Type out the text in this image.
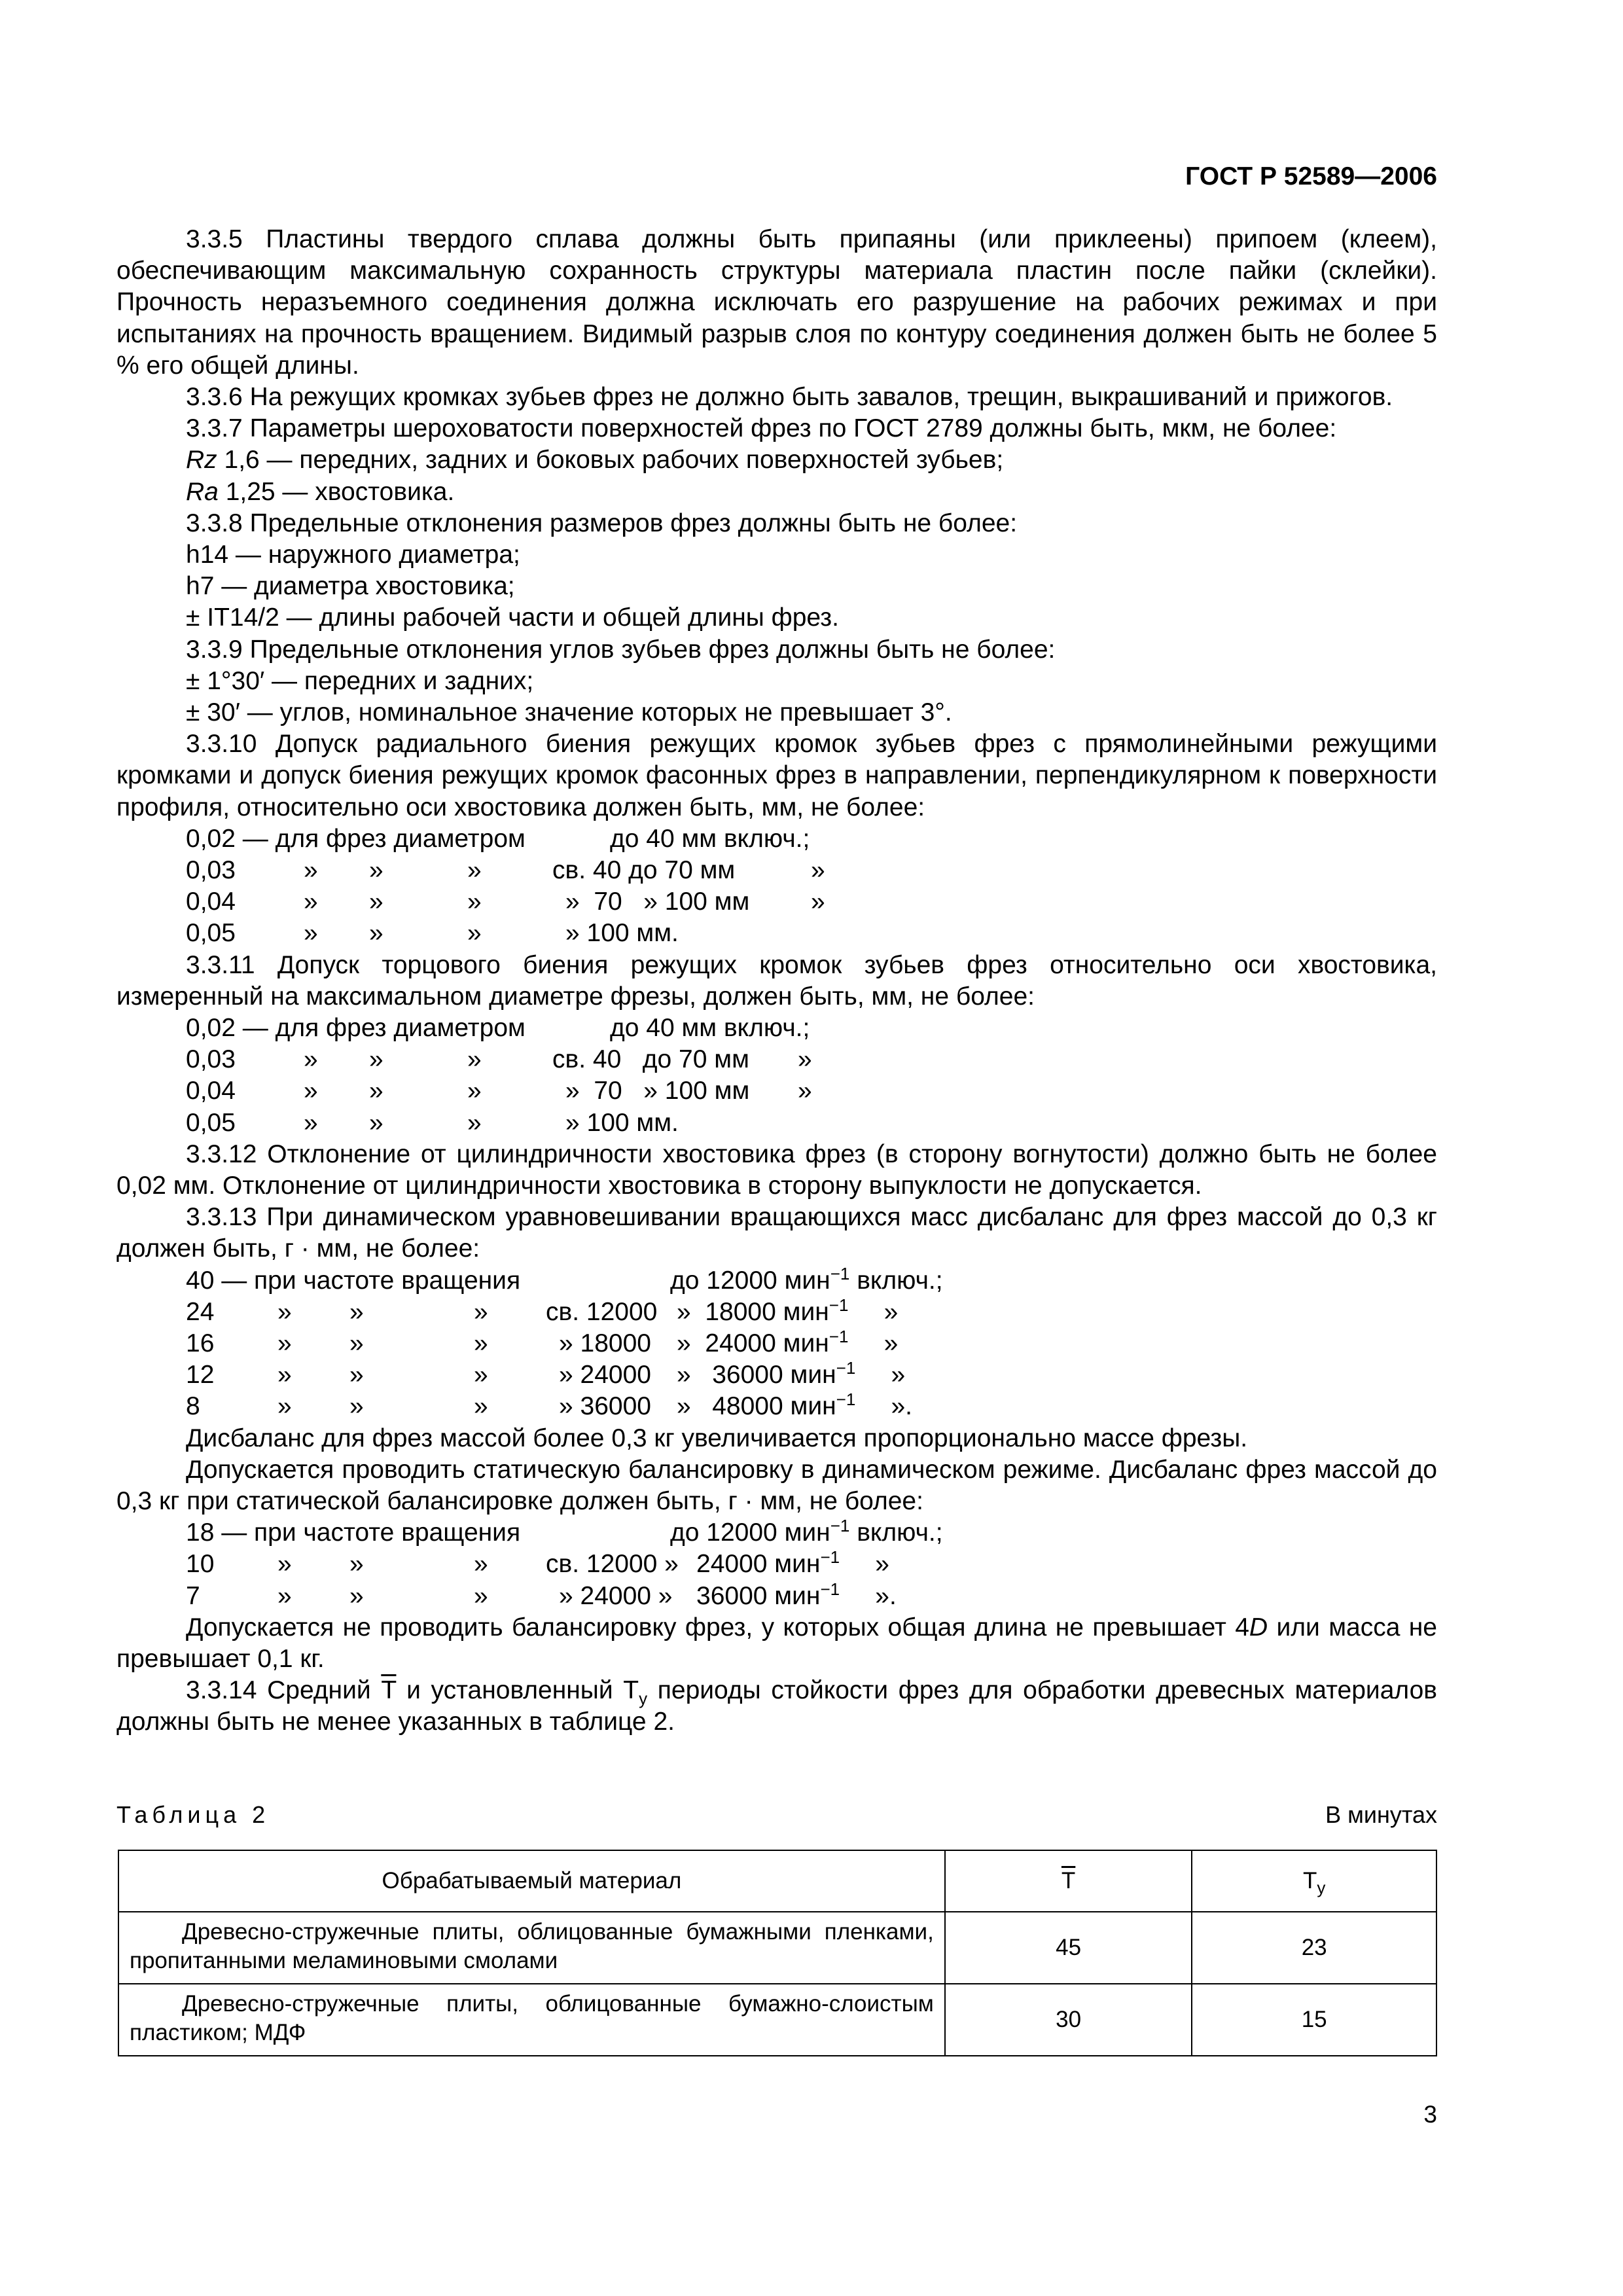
ГОСТ Р 52589—2006

3.3.5 Пластины твердого сплава должны быть припаяны (или приклеены) припоем (клеем), обеспечивающим максимальную сохранность структуры материала пластин после пайки (склейки). Прочность неразъемного соединения должна исключать его разрушение на рабочих режимах и при испытаниях на прочность вращением. Видимый разрыв слоя по контуру соединения должен быть не более 5 % его общей длины.

3.3.6 На режущих кромках зубьев фрез не должно быть завалов, трещин, выкрашиваний и прижогов.

3.3.7 Параметры шероховатости поверхностей фрез по ГОСТ 2789 должны быть, мкм, не более:

Rz 1,6 — передних, задних и боковых рабочих поверхностей зубьев;

Ra 1,25 — хвостовика.

3.3.8 Предельные отклонения размеров фрез должны быть не более:

h14 — наружного диаметра;

h7 — диаметра хвостовика;

± IT14/2 — длины рабочей части и общей длины фрез.

3.3.9 Предельные отклонения углов зубьев фрез должны быть не более:

± 1°30′ — передних и задних;

± 30′ — углов, номинальное значение которых не превышает 3°.

3.3.10 Допуск радиального биения режущих кромок зубьев фрез с прямолинейными режущими кромками и допуск биения режущих кромок фасонных фрез в направлении, перпендикулярном к поверхности профиля, относительно оси хвостовика должен быть, мм, не более:

0,02 — для фрез диаметром	до 40 мм включ.;
0,03	» »	»	св. 40 до 70 мм	»
0,04	» »	»	»  70   » 100 мм »
0,05	» »	»	» 100 мм.

3.3.11 Допуск торцового биения режущих кромок зубьев фрез относительно оси хвостовика, измеренный на максимальном диаметре фрезы, должен быть, мм, не более:

0,02 — для фрез диаметром	до 40 мм включ.;
0,03	» »	»	св. 40   до 70 мм »
0,04	» »	»	»  70   » 100 мм »
0,05	» »	»	» 100 мм.

3.3.12 Отклонение от цилиндричности хвостовика фрез (в сторону вогнутости) должно быть не более 0,02 мм. Отклонение от цилиндричности хвостовика в сторону выпуклости не допускается.

3.3.13 При динамическом уравновешивании вращающихся масс дисбаланс для фрез массой до 0,3 кг должен быть, г · мм, не более:

40 — при частоте вращения	до 12000 мин$^{-1}$ включ.;
24 » »	» св. 12000 »  18000 мин$^{-1}$     »
16 » »	»	» 18000 »  24000 мин$^{-1}$     »
12 » »	»	» 24000 »   36000 мин$^{-1}$     »
8	» »	»	» 36000 »   48000 мин$^{-1}$     ».

Дисбаланс для фрез массой более 0,3 кг увеличивается пропорционально массе фрезы.

Допускается проводить статическую балансировку в динамическом режиме. Дисбаланс фрез массой до 0,3 кг при статической балансировке должен быть, г · мм, не более:

18 — при частоте вращения	до 12000 мин$^{-1}$ включ.;
10 » »	» св. 12000 » 24000 мин$^{-1}$     »
7	» »	»	» 24000 » 36000 мин$^{-1}$     ».

Допускается не проводить балансировку фрез, у которых общая длина не превышает 4D или масса не превышает 0,1 кг.

3.3.14 Средний $\overline{T}$ и установленный $T_у$ периоды стойкости фрез для обработки древесных материалов должны быть не менее указанных в таблице 2.

Таблица 2	В минутах
Обрабатываемый материал	$\overline{T}$	$T_у$
Древесно-стружечные плиты, облицованные бумажными пленками, пропитанными меламиновыми смолами	45	23
Древесно-стружечные плиты, облицованные бумажно-слоистым пластиком; МДФ	30	15
3
